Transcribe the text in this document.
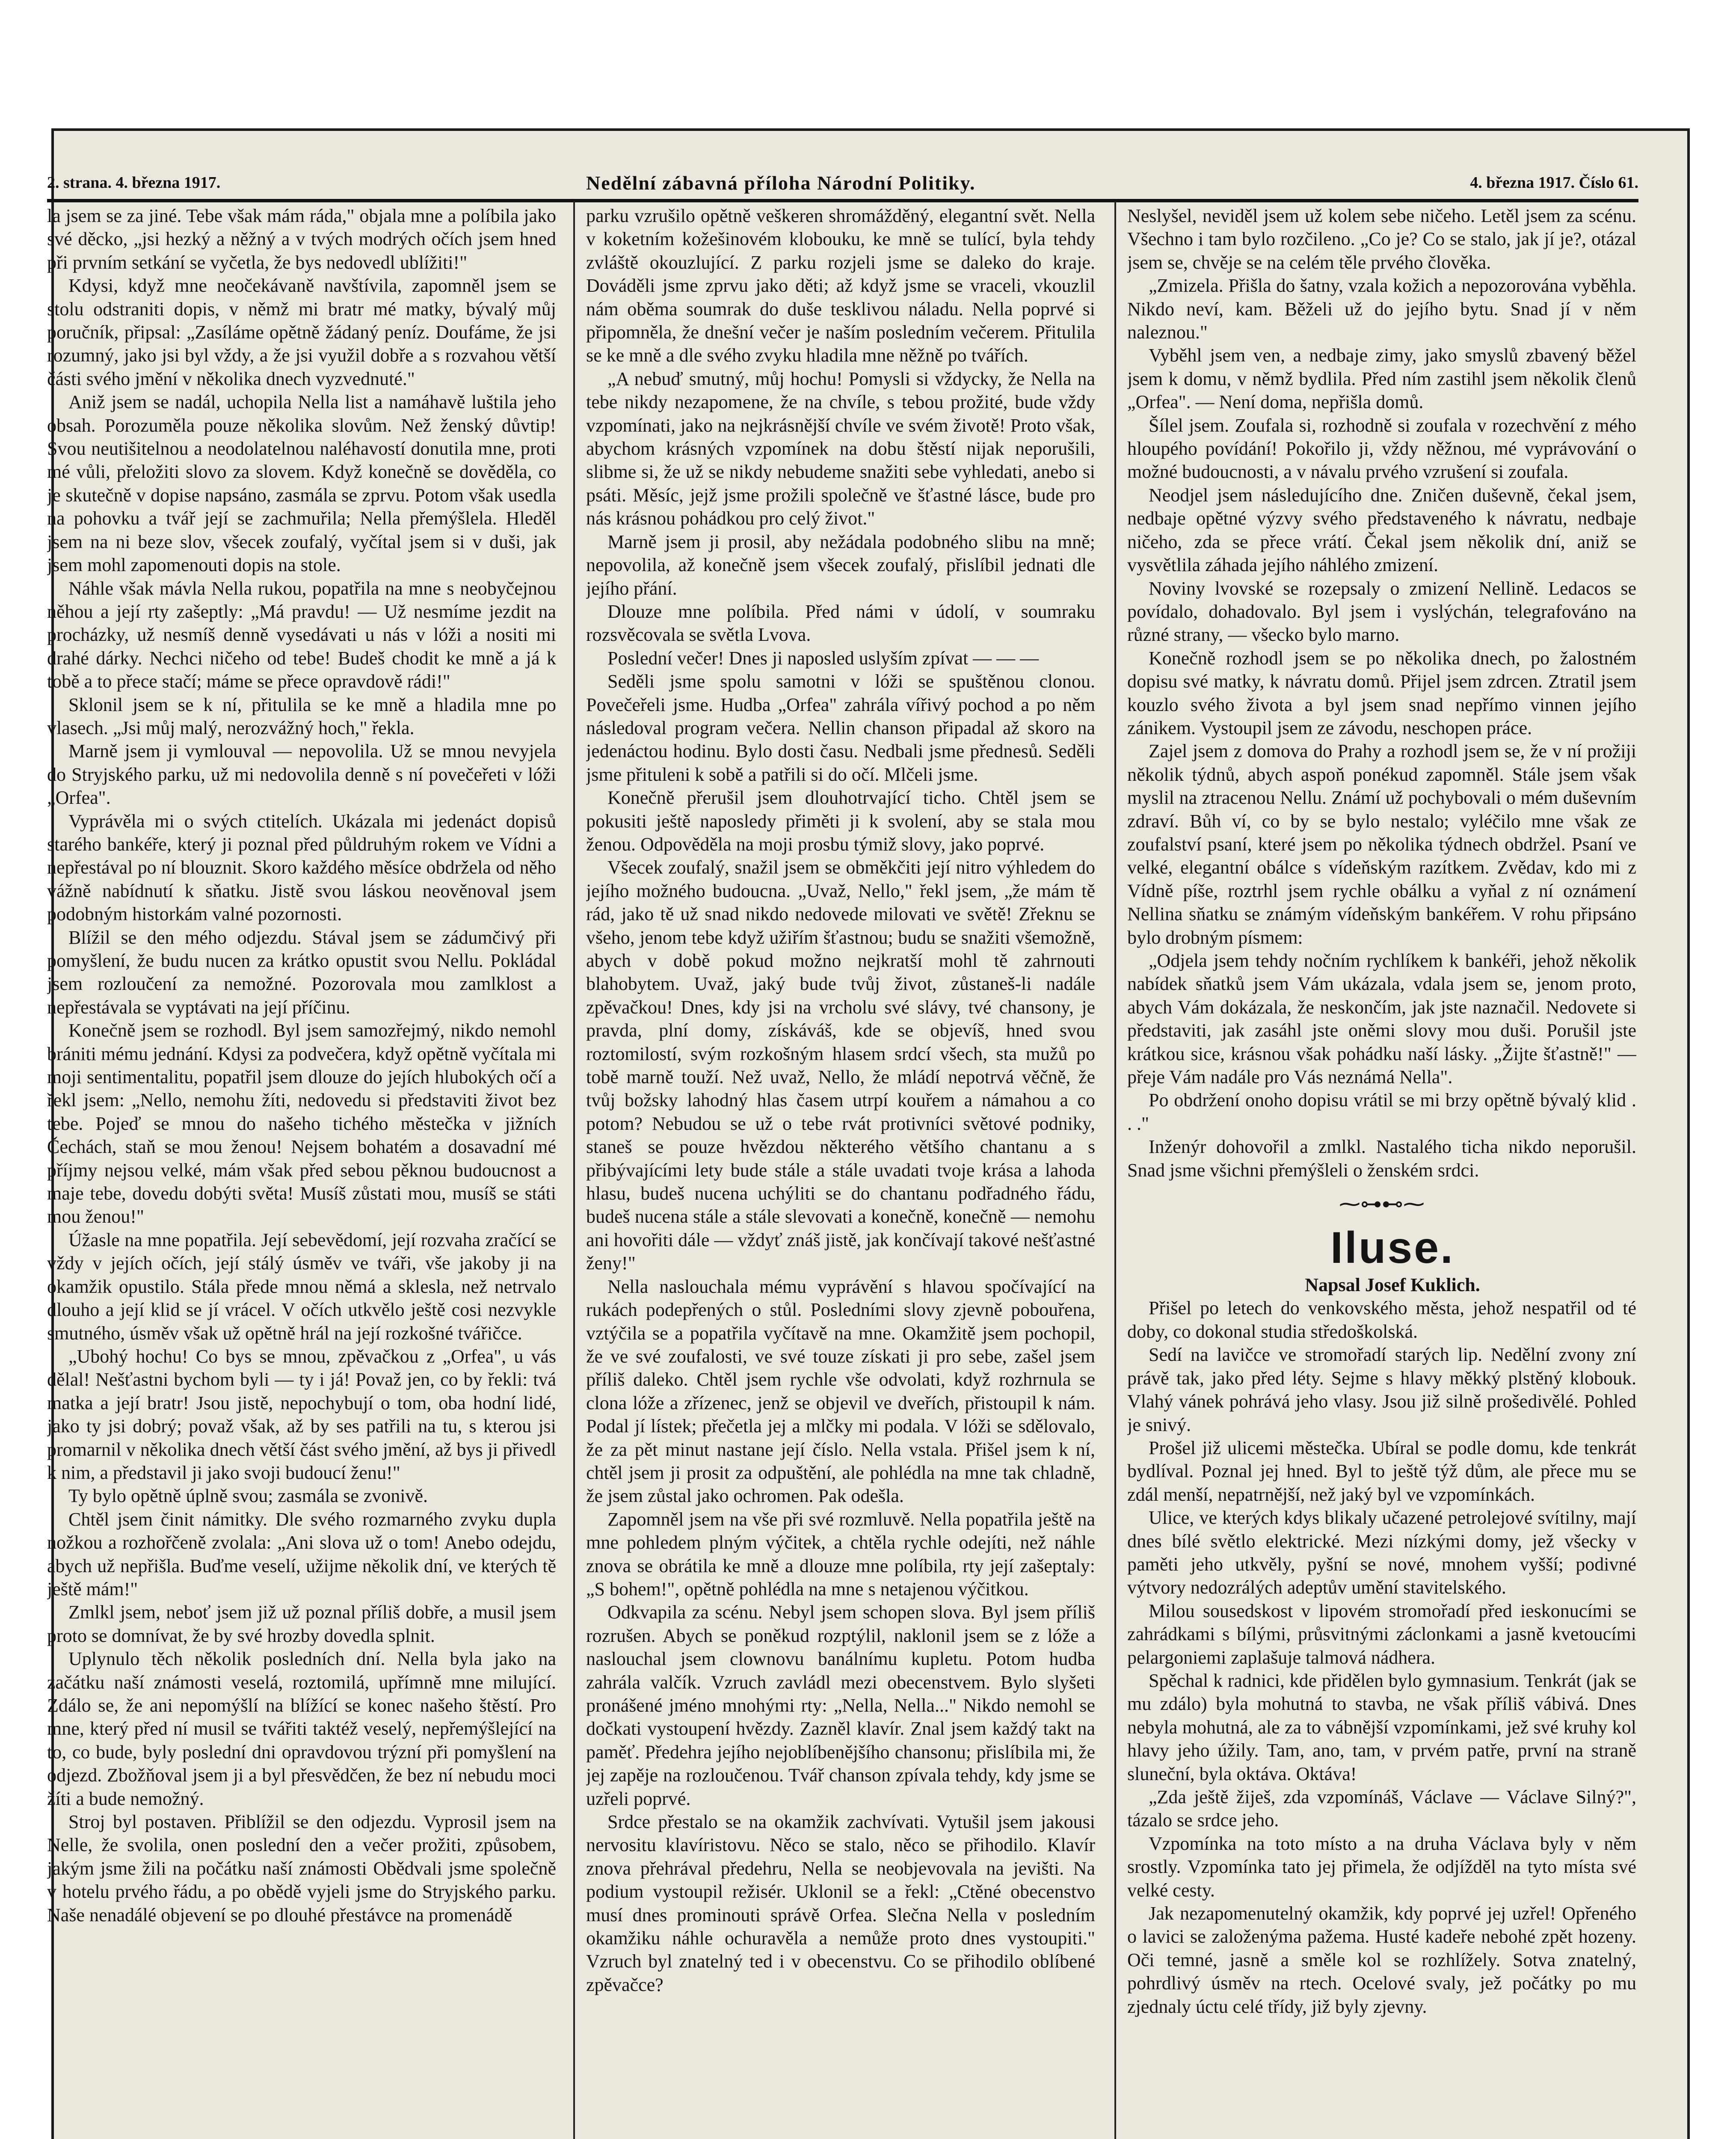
2. strana. 4. března 1917.	Nedělní zábavná příloha Národní Politiky.	4. března 1917. Číslo 61.

la jsem se za jiné. Tebe však mám ráda," objala mne a políbila jako své děcko, „jsi hezký a něžný a v tvých modrých očích jsem hned při prvním setkání se vyčetla, že bys nedovedl ublížiti!"

Kdysi, když mne neočekávaně navštívila, zapomněl jsem se stolu odstraniti dopis, v němž mi bratr mé matky, bývalý můj poručník, připsal: „Zasíláme opětně žádaný peníz. Doufáme, že jsi rozumný, jako jsi byl vždy, a že jsi využil dobře a s rozvahou větší části svého jmění v několika dnech vyzvednuté."

Aniž jsem se nadál, uchopila Nella list a namáhavě luštila jeho obsah. Porozuměla pouze několika slovům. Než ženský důvtip! Svou neutišitelnou a neodolatelnou naléhavostí donutila mne, proti mé vůli, přeložiti slovo za slovem. Když konečně se dověděla, co je skutečně v dopise napsáno, zasmála se zprvu. Potom však usedla na pohovku a tvář její se zachmuřila; Nella přemýšlela. Hleděl jsem na ni beze slov, všecek zoufalý, vyčítal jsem si v duši, jak jsem mohl zapomenouti dopis na stole.

Náhle však mávla Nella rukou, popatřila na mne s neobyčejnou něhou a její rty zašeptly: „Má pravdu! — Už nesmíme jezdit na procházky, už nesmíš denně vysedávati u nás v lóži a nositi mi drahé dárky. Nechci ničeho od tebe! Budeš chodit ke mně a já k tobě a to přece stačí; máme se přece opravdově rádi!"

Sklonil jsem se k ní, přitulila se ke mně a hladila mne po vlasech. „Jsi můj malý, nerozvážný hoch," řekla.

Marně jsem ji vymlouval — nepovolila. Už se mnou nevyjela do Stryjského parku, už mi nedovolila denně s ní povečeřeti v lóži „Orfea".

Vyprávěla mi o svých ctitelích. Ukázala mi jedenáct dopisů starého bankéře, který ji poznal před půldruhým rokem ve Vídni a nepřestával po ní blouznit. Skoro každého měsíce obdržela od něho vážně nabídnutí k sňatku. Jistě svou láskou neověnoval jsem podobným historkám valné pozornosti.

Blížil se den mého odjezdu. Stával jsem se zádumčivý při pomyšlení, že budu nucen za krátko opustit svou Nellu. Pokládal jsem rozloučení za nemožné. Pozorovala mou zamlklost a nepřestávala se vyptávati na její příčinu.

Konečně jsem se rozhodl. Byl jsem samozřejmý, nikdo nemohl brániti mému jednání. Kdysi za podvečera, když opětně vyčítala mi moji sentimentalitu, popatřil jsem dlouze do jejích hlubokých očí a řekl jsem: „Nello, nemohu žíti, nedovedu si představiti život bez tebe. Pojeď se mnou do našeho tichého městečka v jižních Čechách, staň se mou ženou! Nejsem bohatém a dosavadní mé příjmy nejsou velké, mám však před sebou pěknou budoucnost a maje tebe, dovedu dobýti světa! Musíš zůstati mou, musíš se státi mou ženou!"

Úžasle na mne popatřila. Její sebevědomí, její rozvaha zračící se vždy v jejích očích, její stálý úsměv ve tváři, vše jakoby ji na okamžik opustilo. Stála přede mnou němá a sklesla, než netrvalo dlouho a její klid se jí vrácel. V očích utkvělo ještě cosi nezvykle smutného, úsměv však už opětně hrál na její rozkošné tvářičce.

„Ubohý hochu! Co bys se mnou, zpěvačkou z „Orfea", u vás dělal! Nešťastni bychom byli — ty i já! Považ jen, co by řekli: tvá matka a její bratr! Jsou jistě, nepochybují o tom, oba hodní lidé, jako ty jsi dobrý; považ však, až by ses patřili na tu, s kterou jsi promarnil v několika dnech větší část svého jmění, až bys ji přivedl k nim, a představil ji jako svoji budoucí ženu!"

Ty bylo opětně úplně svou; zasmála se zvonivě.

Chtěl jsem činit námitky. Dle svého rozmarného zvyku dupla nožkou a rozhořčeně zvolala: „Ani slova už o tom! Anebo odejdu, abych už nepřišla. Buďme veselí, užijme několik dní, ve kterých tě ještě mám!"

Zmlkl jsem, neboť jsem již už poznal příliš dobře, a musil jsem proto se domnívat, že by své hrozby dovedla splnit.

Uplynulo těch několik posledních dní. Nella byla jako na začátku naší známosti veselá, roztomilá, upřímně mne milující. Zdálo se, že ani nepomýšlí na blížící se konec našeho štěstí. Pro mne, který před ní musil se tvářiti taktéž veselý, nepřemýšlející na to, co bude, byly poslední dni opravdovou trýzní při pomyšlení na odjezd. Zbožňoval jsem ji a byl přesvědčen, že bez ní nebudu moci žíti a bude nemožný.

Stroj byl postaven. Přiblížil se den odjezdu. Vyprosil jsem na Nelle, že svolila, onen poslední den a večer prožiti, způsobem, jakým jsme žili na počátku naší známosti Obědvali jsme společně v hotelu prvého řádu, a po obědě vyjeli jsme do Stryjského parku. Naše nenadálé objevení se po dlouhé přestávce na promenádě

parku vzrušilo opětně veškeren shromážděný, elegantní svět. Nella v koketním kožešinovém klobouku, ke mně se tulící, byla tehdy zvláště okouzlující. Z parku rozjeli jsme se daleko do kraje. Dováděli jsme zprvu jako děti; až když jsme se vraceli, vkouzlil nám oběma soumrak do duše tesklivou náladu. Nella poprvé si připomněla, že dnešní večer je naším posledním večerem. Přitulila se ke mně a dle svého zvyku hladila mne něžně po tvářích.

„A nebuď smutný, můj hochu! Pomysli si vždycky, že Nella na tebe nikdy nezapomene, že na chvíle, s tebou prožité, bude vždy vzpomínati, jako na nejkrásnější chvíle ve svém životě! Proto však, abychom krásných vzpomínek na dobu štěstí nijak neporušili, slibme si, že už se nikdy nebudeme snažiti sebe vyhledati, anebo si psáti. Měsíc, jejž jsme prožili společně ve šťastné lásce, bude pro nás krásnou pohádkou pro celý život."

Marně jsem ji prosil, aby nežádala podobného slibu na mně; nepovolila, až konečně jsem všecek zoufalý, přislíbil jednati dle jejího přání.

Dlouze mne políbila. Před námi v údolí, v soumraku rozsvěcovala se světla Lvova.

Poslední večer! Dnes ji naposled uslyším zpívat — — —

Seděli jsme spolu samotni v lóži se spuštěnou clonou. Povečeřeli jsme. Hudba „Orfea" zahrála vířivý pochod a po něm následoval program večera. Nellin chanson připadal až skoro na jedenáctou hodinu. Bylo dosti času. Nedbali jsme přednesů. Seděli jsme přituleni k sobě a patřili si do očí. Mlčeli jsme.

Konečně přerušil jsem dlouhotrvající ticho. Chtěl jsem se pokusiti ještě naposledy přiměti ji k svolení, aby se stala mou ženou. Odpověděla na moji prosbu týmiž slovy, jako poprvé.

Všecek zoufalý, snažil jsem se obměkčiti její nitro výhledem do jejího možného budoucna. „Uvaž, Nello," řekl jsem, „že mám tě rád, jako tě už snad nikdo nedovede milovati ve světě! Zřeknu se všeho, jenom tebe když užiřím šťastnou; budu se snažiti všemožně, abych v době pokud možno nejkratší mohl tě zahrnouti blahobytem. Uvaž, jaký bude tvůj život, zůstaneš-li nadále zpěvačkou! Dnes, kdy jsi na vrcholu své slávy, tvé chansony, je pravda, plní domy, získáváš, kde se objevíš, hned svou roztomilostí, svým rozkošným hlasem srdcí všech, sta mužů po tobě marně touží. Než uvaž, Nello, že mládí nepotrvá věčně, že tvůj božsky lahodný hlas časem utrpí kouřem a námahou a co potom? Nebudou se už o tebe rvát protivníci světové podniky, staneš se pouze hvězdou některého většího chantanu a s přibývajícími lety bude stále a stále uvadati tvoje krása a lahoda hlasu, budeš nucena uchýliti se do chantanu podřadného řádu, budeš nucena stále a stále slevovati a konečně, konečně — nemohu ani hovořiti dále — vždyť znáš jistě, jak končívají takové nešťastné ženy!"

Nella naslouchala mému vyprávění s hlavou spočívající na rukách podepřených o stůl. Posledními slovy zjevně pobouřena, vztýčila se a popatřila vyčítavě na mne. Okamžitě jsem pochopil, že ve své zoufalosti, ve své touze získati ji pro sebe, zašel jsem příliš daleko. Chtěl jsem rychle vše odvolati, když rozhrnula se clona lóže a zřízenec, jenž se objevil ve dveřích, přistoupil k nám. Podal jí lístek; přečetla jej a mlčky mi podala. V lóži se sdělovalo, že za pět minut nastane její číslo. Nella vstala. Přišel jsem k ní, chtěl jsem ji prosit za odpuštění, ale pohlédla na mne tak chladně, že jsem zůstal jako ochromen. Pak odešla.

Zapomněl jsem na vše při své rozmluvě. Nella popatřila ještě na mne pohledem plným výčitek, a chtěla rychle odejíti, než náhle znova se obrátila ke mně a dlouze mne políbila, rty její zašeptaly: „S bohem!", opětně pohlédla na mne s netajenou výčitkou.

Odkvapila za scénu. Nebyl jsem schopen slova. Byl jsem příliš rozrušen. Abych se poněkud rozptýlil, naklonil jsem se z lóže a naslouchal jsem clownovu banálnímu kupletu. Potom hudba zahrála valčík. Vzruch zavládl mezi obecenstvem. Bylo slyšeti pronášené jméno mnohými rty: „Nella, Nella..." Nikdo nemohl se dočkati vystoupení hvězdy. Zazněl klavír. Znal jsem každý takt na paměť. Předehra jejího nejoblíbenějšího chansonu; přislíbila mi, že jej zapěje na rozloučenou. Tvář chanson zpívala tehdy, kdy jsme se uzřeli poprvé.

Srdce přestalo se na okamžik zachvívati. Vytušil jsem jakousi nervositu klavíristovu. Něco se stalo, něco se přihodilo. Klavír znova přehrával předehru, Nella se neobjevovala na jevišti. Na podium vystoupil režisér. Uklonil se a řekl: „Ctěné obecenstvo musí dnes prominouti správě Orfea. Slečna Nella v posledním okamžiku náhle ochuravěla a nemůže proto dnes vystoupiti." Vzruch byl znatelný ted i v obecenstvu. Co se přihodilo oblíbené zpěvačce?

Neslyšel, neviděl jsem už kolem sebe ničeho. Letěl jsem za scénu. Všechno i tam bylo rozčileno. „Co je? Co se stalo, jak jí je?, otázal jsem se, chvěje se na celém těle prvého člověka.

„Zmizela. Přišla do šatny, vzala kožich a nepozorována vyběhla. Nikdo neví, kam. Běželi už do jejího bytu. Snad jí v něm naleznou."

Vyběhl jsem ven, a nedbaje zimy, jako smyslů zbavený běžel jsem k domu, v němž bydlila. Před ním zastihl jsem několik členů „Orfea". — Není doma, nepřišla domů.

Šílel jsem. Zoufala si, rozhodně si zoufala v rozechvění z mého hloupého povídání! Pokořilo ji, vždy něžnou, mé vyprávování o možné budoucnosti, a v návalu prvého vzrušení si zoufala.

Neodjel jsem následujícího dne. Zničen duševně, čekal jsem, nedbaje opětné výzvy svého představeného k návratu, nedbaje ničeho, zda se přece vrátí. Čekal jsem několik dní, aniž se vysvětlila záhada jejího náhlého zmizení.

Noviny lvovské se rozepsaly o zmizení Nellině. Ledacos se povídalo, dohadovalo. Byl jsem i vyslýchán, telegrafováno na různé strany, — všecko bylo marno.

Konečně rozhodl jsem se po několika dnech, po žalostném dopisu své matky, k návratu domů. Přijel jsem zdrcen. Ztratil jsem kouzlo svého života a byl jsem snad nepřímo vinnen jejího zánikem. Vystoupil jsem ze závodu, neschopen práce.

Zajel jsem z domova do Prahy a rozhodl jsem se, že v ní prožiji několik týdnů, abych aspoň ponékud zapomněl. Stále jsem však myslil na ztracenou Nellu. Známí už pochybovali o mém duševním zdraví. Bůh ví, co by se bylo nestalo; vyléčilo mne však ze zoufalství psaní, které jsem po několika týdnech obdržel. Psaní ve velké, elegantní obálce s vídeňským razítkem. Zvědav, kdo mi z Vídně píše, roztrhl jsem rychle obálku a vyňal z ní oznámení Nellina sňatku se známým vídeňským bankéřem. V rohu připsáno bylo drobným písmem:

„Odjela jsem tehdy nočním rychlíkem k bankéři, jehož několik nabídek sňatků jsem Vám ukázala, vdala jsem se, jenom proto, abych Vám dokázala, že neskončím, jak jste naznačil. Nedovete si představiti, jak zasáhl jste oněmi slovy mou duši. Porušil jste krátkou sice, krásnou však pohádku naší lásky. „Žijte šťastně!" — přeje Vám nadále pro Vás neznámá Nella".

Po obdržení onoho dopisu vrátil se mi brzy opětně bývalý klid . . ."

Inženýr dohovořil a zmlkl. Nastalého ticha nikdo neporušil. Snad jsme všichni přemýšleli o ženském srdci.

⁓⊶⊷⁓

Iluse.

Napsal Josef Kuklich.

Přišel po letech do venkovského města, jehož nespatřil od té doby, co dokonal studia středoškolská.

Sedí na lavičce ve stromořadí starých lip. Nedělní zvony zní právě tak, jako před léty. Sejme s hlavy měkký plstěný klobouk. Vlahý vánek pohrává jeho vlasy. Jsou již silně prošedivělé. Pohled je snivý.

Prošel již ulicemi městečka. Ubíral se podle domu, kde tenkrát bydlíval. Poznal jej hned. Byl to ještě týž dům, ale přece mu se zdál menší, nepatrnější, než jaký byl ve vzpomínkách.

Ulice, ve kterých kdys blikaly učazené petrolejové svítilny, mají dnes bílé světlo elektrické. Mezi nízkými domy, jež všecky v paměti jeho utkvěly, pyšní se nové, mnohem vyšší; podivné výtvory nedozrálých adeptův umění stavitelského.

Milou sousedskost v lipovém stromořadí před ieskonucími se zahrádkami s bílými, průsvitnými záclonkami a jasně kvetoucími pelargoniemi zaplašuje talmová nádhera.

Spěchal k radnici, kde přidělen bylo gymnasium. Tenkrát (jak se mu zdálo) byla mohutná to stavba, ne však příliš vábivá. Dnes nebyla mohutná, ale za to vábnější vzpomínkami, jež své kruhy kol hlavy jeho úžily. Tam, ano, tam, v prvém patře, první na straně sluneční, byla oktáva. Oktáva!

„Zda ještě žiješ, zda vzpomínáš, Václave — Václave Silný?", tázalo se srdce jeho.

Vzpomínka na toto místo a na druha Václava byly v něm srostly. Vzpomínka tato jej přimela, že odjížděl na tyto místa své velké cesty.

Jak nezapomenutelný okamžik, kdy poprvé jej uzřel! Opřeného o lavici se založenýma pažema. Husté kadeře nebohé zpět hozeny. Oči temné, jasně a směle kol se rozhlížely. Sotva znatelný, pohrdlivý úsměv na rtech. Ocelové svaly, jež počátky po mu zjednaly úctu celé třídy, již byly zjevny.
